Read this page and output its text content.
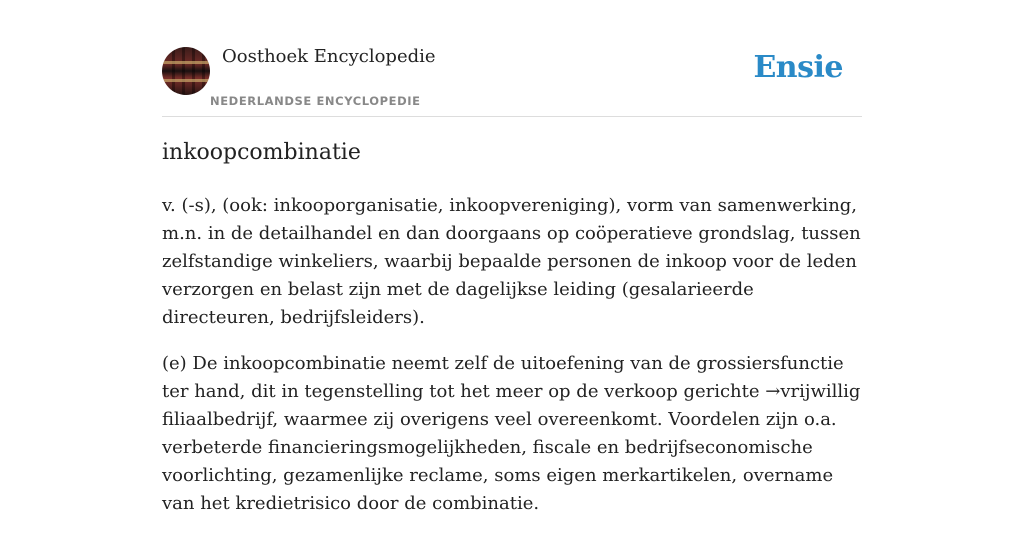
Oosthoek Encyclopedie
NEDERLANDSE ENCYCLOPEDIE
Ensie
inkoopcombinatie

v. (-s), (ook: inkooporganisatie, inkoopvereniging), vorm van samenwerking, m.n. in de detailhandel en dan doorgaans op coöperatieve grondslag, tussen zelfstandige winkeliers, waarbij bepaalde personen de inkoop voor de leden verzorgen en belast zijn met de dagelijkse leiding (gesalarieerde directeuren, bedrijfsleiders).

(e) De inkoopcombinatie neemt zelf de uitoefening van de grossiersfunctie ter hand, dit in tegenstelling tot het meer op de verkoop gerichte →vrijwillig filiaalbedrijf, waarmee zij overigens veel overeenkomt. Voordelen zijn o.a. verbeterde financieringsmogelijkheden, fiscale en bedrijfseconomische voorlichting, gezamenlijke reclame, soms eigen merkartikelen, overname van het kredietrisico door de combinatie.
